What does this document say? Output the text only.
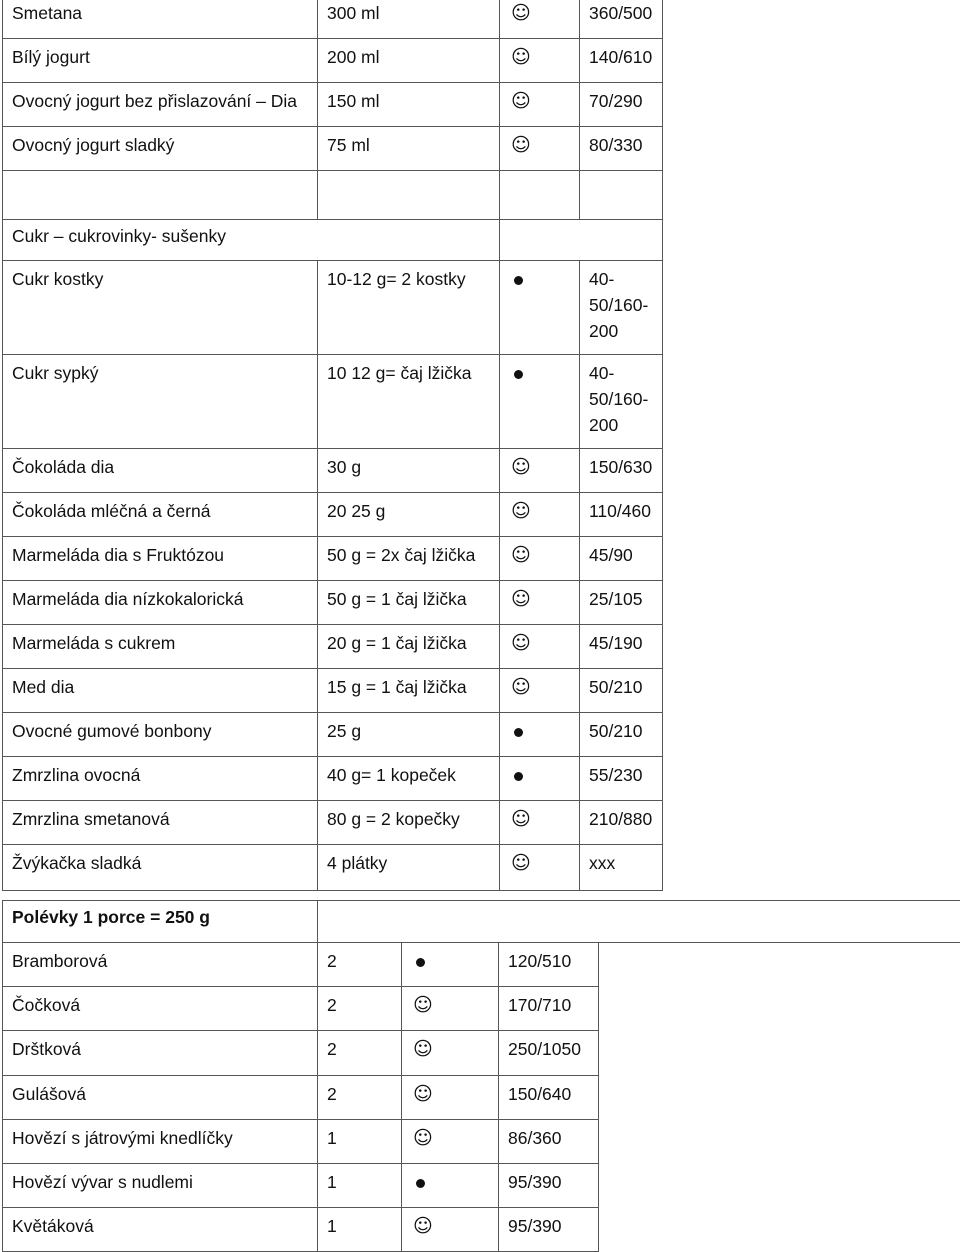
Smetana	300 ml	☺	360/500

Bílý jogurt	200 ml	☺	140/610

Ovocný jogurt bez přislazování – Dia	150 ml	☺	70/290

Ovocný jogurt sladký	75 ml	☺	80/330

Cukr – cukrovinky- sušenky			

Cukr kostky	10-12 g= 2 kostky		40-
50/160-
200

Cukr sypký	10 12 g= čaj lžička		40-
50/160-
200

Čokoláda dia	30 g	☺	150/630

Čokoláda mléčná a černá	20 25 g	☺	110/460

Marmeláda dia s Fruktózou	50 g = 2x čaj lžička	☺	45/90

Marmeláda dia nízkokalorická	50 g = 1 čaj lžička	☺	25/105

Marmeláda s cukrem	20 g = 1 čaj lžička	☺	45/190

Med dia	15 g = 1 čaj lžička	☺	50/210

Ovocné gumové bonbony	25 g		50/210

Zmrzlina ovocná	40 g= 1 kopeček		55/230

Zmrzlina smetanová	80 g = 2 kopečky	☺	210/880

Žvýkačka sladká	4 plátky	☺	xxx
Polévky 1 porce = 250 g				

Bramborová	2		120/510	

Čočková	2	☺	170/710	

Drštková	2	☺	250/1050	

Gulášová	2	☺	150/640	

Hovězí s játrovými knedlíčky	1	☺	86/360	

Hovězí vývar s nudlemi	1		95/390	

Květáková	1	☺	95/390	
